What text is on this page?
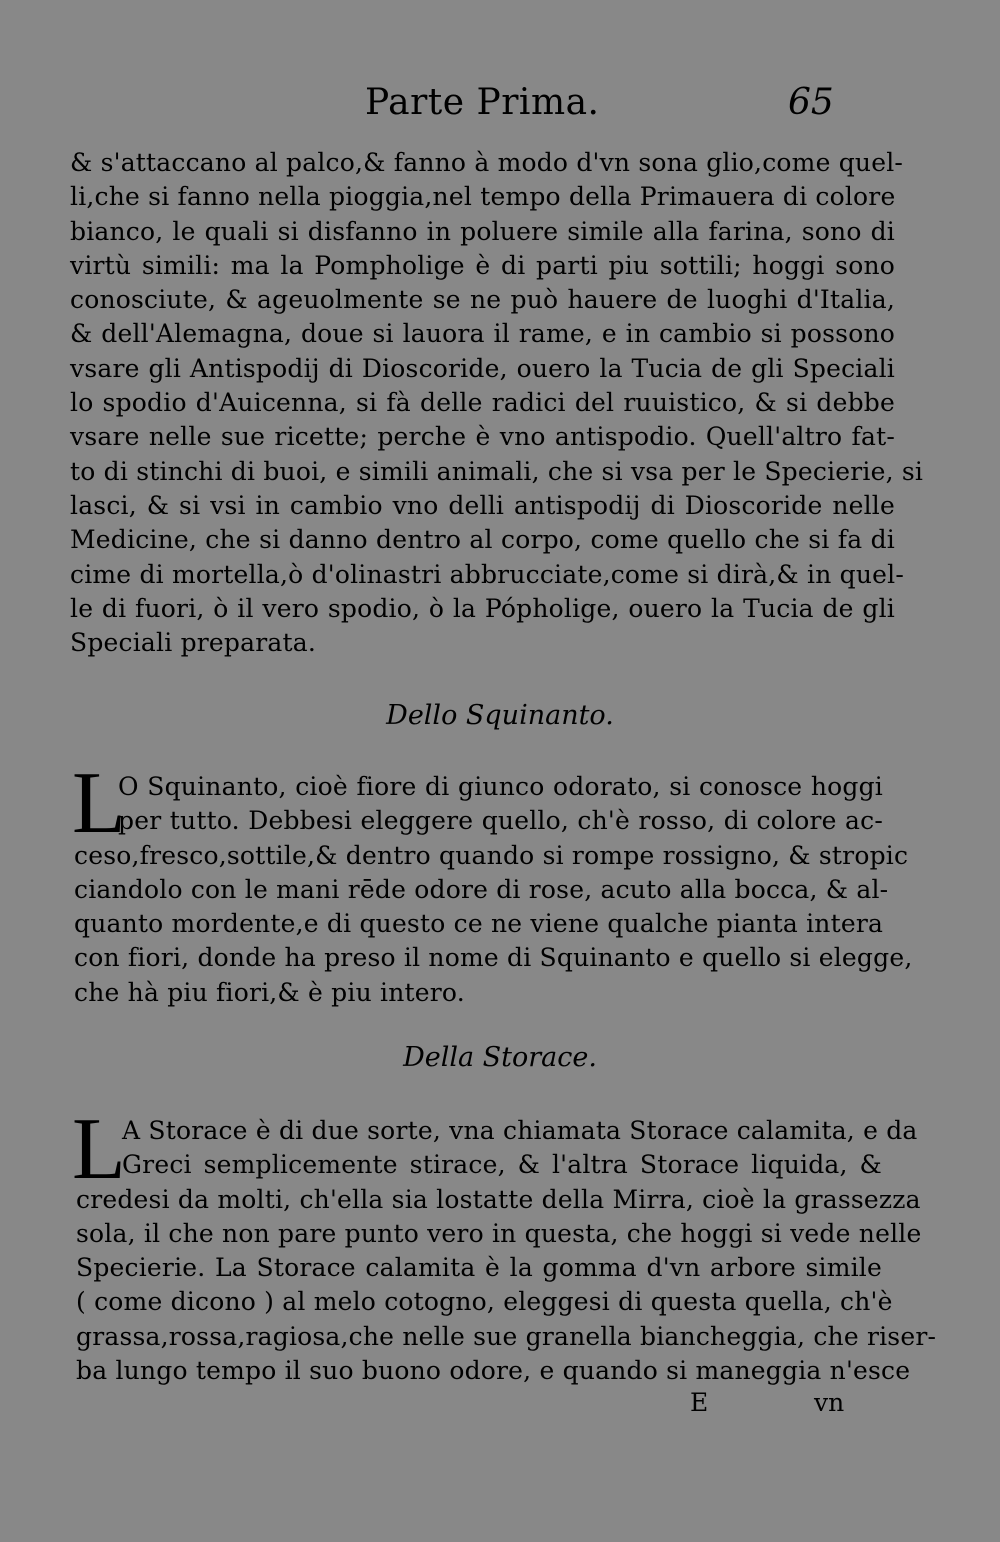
Parte Prima.	65
& s'attaccano al palco,& fanno à modo d'vn sona glio,come quel-
li,che si fanno nella pioggia,nel tempo della Primauera di colore
bianco, le quali si disfanno in poluere simile alla farina, sono di
virtù simili: ma la Pompholige è di parti piu sottili; hoggi sono
conosciute, & ageuolmente se ne può hauere de luoghi d'Italia,
& dell'Alemagna, doue si lauora il rame, e in cambio si possono
vsare gli Antispodij di Dioscoride, ouero la Tucia de gli Speciali
lo spodio d'Auicenna, si fà delle radici del ruuistico, & si debbe
vsare nelle sue ricette; perche è vno antispodio. Quell'altro fat-
to di stinchi di buoi, e simili animali, che si vsa per le Specierie, si
lasci, & si vsi in cambio vno delli antispodij di Dioscoride nelle
Medicine, che si danno dentro al corpo, come quello che si fa di
cime di mortella,ò d'olinastri abbrucciate,come si dirà,& in quel-
le di fuori, ò il vero spodio, ò la Pópholige, ouero la Tucia de gli
Speciali preparata.
Dello Squinanto.
L
O Squinanto, cioè fiore di giunco odorato, si conosce hoggi
per tutto. Debbesi eleggere quello, ch'è rosso, di colore ac-
ceso,fresco,sottile,& dentro quando si rompe rossigno, & stropic
ciandolo con le mani rēde odore di rose, acuto alla bocca, & al-
quanto mordente,e di questo ce ne viene qualche pianta intera
con fiori, donde ha preso il nome di Squinanto e quello si elegge,
che hà piu fiori,& è piu intero.
Della Storace.
L
A Storace è di due sorte, vna chiamata Storace calamita, e da
Greci semplicemente stirace, & l'altra Storace liquida, &
credesi da molti, ch'ella sia lostatte della Mirra, cioè la grassezza
sola, il che non pare punto vero in questa, che hoggi si vede nelle
Specierie. La Storace calamita è la gomma d'vn arbore simile
( come dicono ) al melo cotogno, eleggesi di questa quella, ch'è
grassa,rossa,ragiosa,che nelle sue granella biancheggia, che riser-
ba lungo tempo il suo buono odore, e quando si maneggia n'esce
E	vn
